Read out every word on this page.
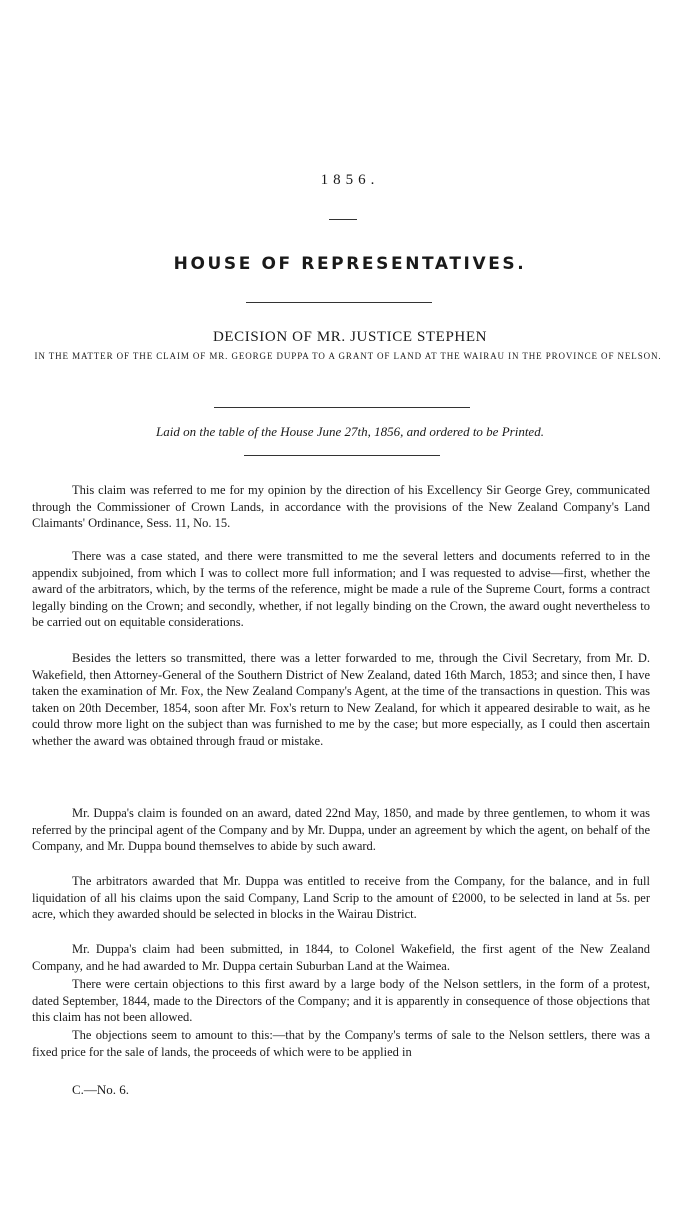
1856.
HOUSE OF REPRESENTATIVES.
DECISION OF MR. JUSTICE STEPHEN
IN THE MATTER OF THE CLAIM OF MR. GEORGE DUPPA TO A GRANT OF LAND AT THE WAIRAU IN THE PROVINCE OF NELSON.
Laid on the table of the House June 27th, 1856, and ordered to be Printed.

This claim was referred to me for my opinion by the direction of his Excellency Sir George Grey, communicated through the Commissioner of Crown Lands, in accordance with the provisions of the New Zealand Company's Land Claimants' Ordinance, Sess. 11, No. 15.

There was a case stated, and there were transmitted to me the several letters and documents referred to in the appendix subjoined, from which I was to collect more full information; and I was requested to advise—first, whether the award of the arbitrators, which, by the terms of the reference, might be made a rule of the Supreme Court, forms a contract legally binding on the Crown; and secondly, whether, if not legally binding on the Crown, the award ought nevertheless to be carried out on equitable considerations.

Besides the letters so transmitted, there was a letter forwarded to me, through the Civil Secretary, from Mr. D. Wakefield, then Attorney-General of the Southern District of New Zealand, dated 16th March, 1853; and since then, I have taken the examination of Mr. Fox, the New Zealand Company's Agent, at the time of the transactions in question. This was taken on 20th December, 1854, soon after Mr. Fox's return to New Zealand, for which it appeared desirable to wait, as he could throw more light on the subject than was furnished to me by the case; but more especially, as I could then ascertain whether the award was obtained through fraud or mistake.

Mr. Duppa's claim is founded on an award, dated 22nd May, 1850, and made by three gentlemen, to whom it was referred by the principal agent of the Company and by Mr. Duppa, under an agreement by which the agent, on behalf of the Company, and Mr. Duppa bound themselves to abide by such award.

The arbitrators awarded that Mr. Duppa was entitled to receive from the Company, for the balance, and in full liquidation of all his claims upon the said Company, Land Scrip to the amount of £2000, to be selected in land at 5s. per acre, which they awarded should be selected in blocks in the Wairau District.

Mr. Duppa's claim had been submitted, in 1844, to Colonel Wakefield, the first agent of the New Zealand Company, and he had awarded to Mr. Duppa certain Suburban Land at the Waimea.

There were certain objections to this first award by a large body of the Nelson settlers, in the form of a protest, dated September, 1844, made to the Directors of the Company; and it is apparently in consequence of those objections that this claim has not been allowed.

The objections seem to amount to this:—that by the Company's terms of sale to the Nelson settlers, there was a fixed price for the sale of lands, the proceeds of which were to be applied in

C.—No. 6.
